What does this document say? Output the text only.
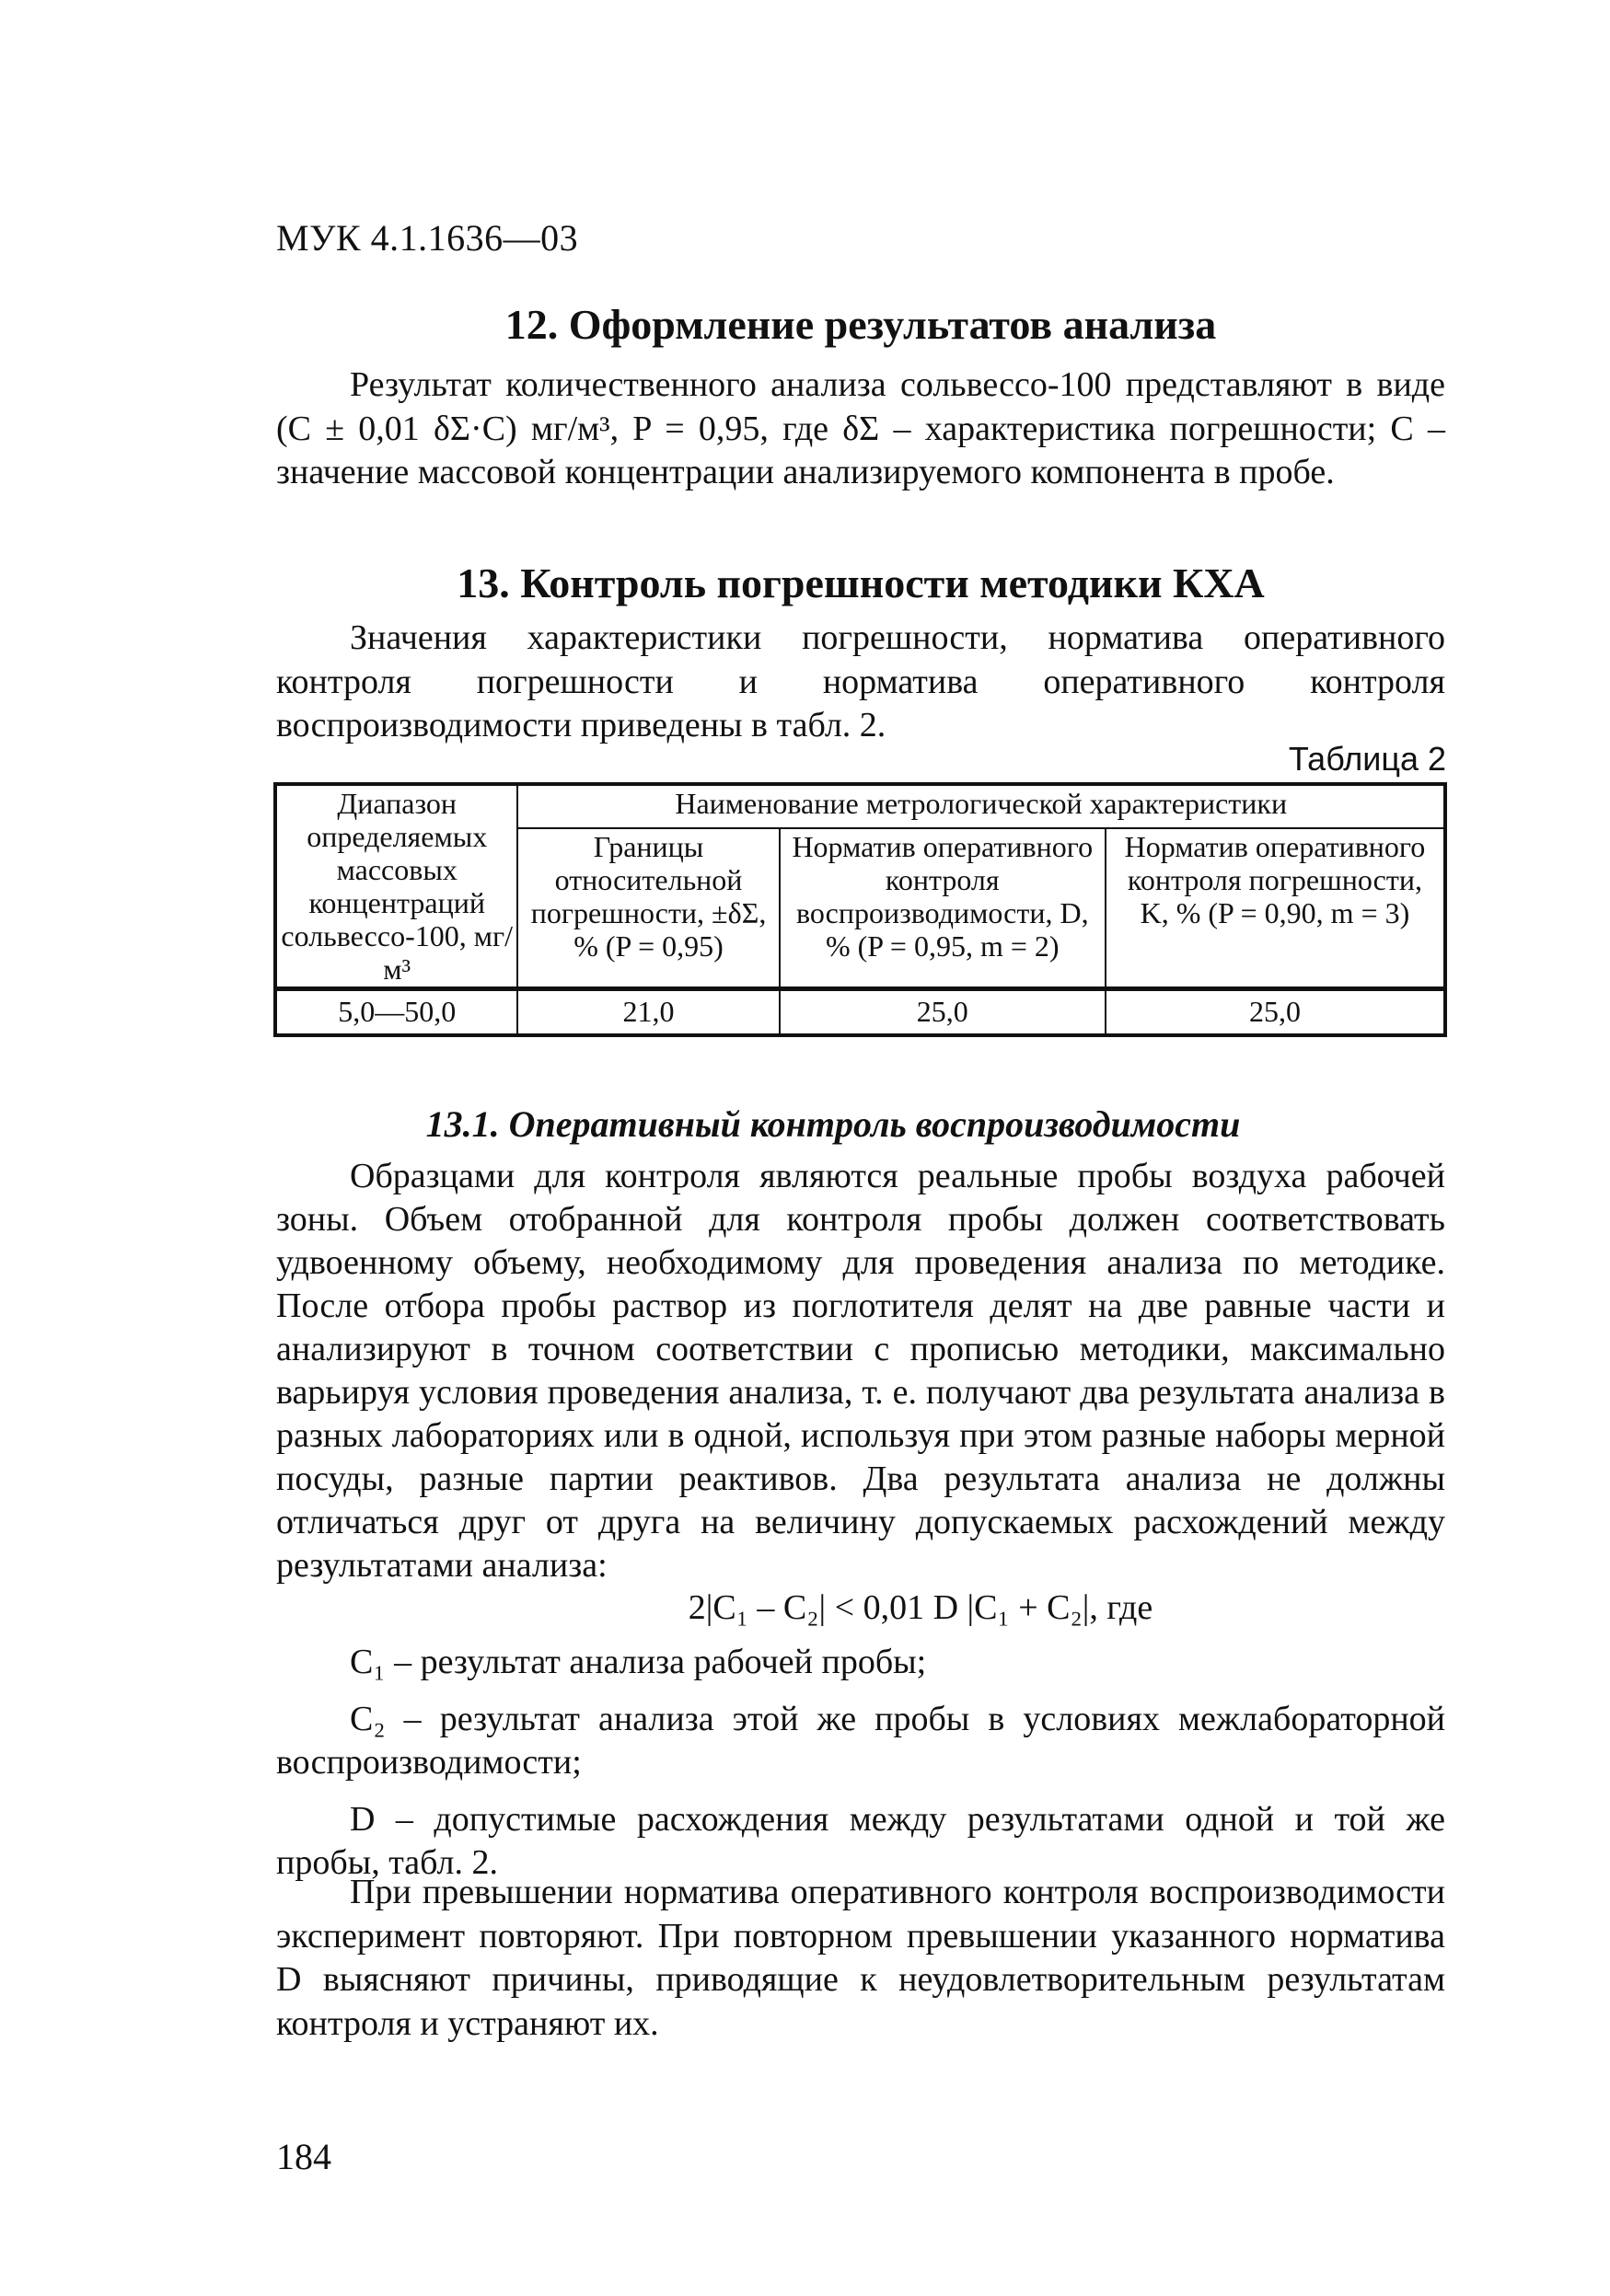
МУК 4.1.1636—03
12. Оформление результатов анализа

Результат количественного анализа сольвессо-100 представляют в виде (C ± 0,01 δΣ·C) мг/м³, P = 0,95, где δΣ – характеристика погрешности; C – значение массовой концентрации анализируемого компонента в пробе.

13. Контроль погрешности методики КХА

Значения характеристики погрешности, норматива оперативного контроля погрешности и норматива оперативного контроля воспроизводимости приведены в табл. 2.

Таблица 2
Диапазон определяемых массовых концентраций сольвессо-100, мг/м³	Наименование метрологической характеристики		
	Границы относительной погрешности, ±δΣ, % (P = 0,95)	Норматив оперативного контроля воспроизводимости, D, % (P = 0,95, m = 2)	Норматив оперативного контроля погрешности, K, % (P = 0,90, m = 3)
5,0—50,0	21,0	25,0	25,0
13.1. Оперативный контроль воспроизводимости

Образцами для контроля являются реальные пробы воздуха рабочей зоны. Объем отобранной для контроля пробы должен соответствовать удвоенному объему, необходимому для проведения анализа по методике. После отбора пробы раствор из поглотителя делят на две равные части и анализируют в точном соответствии с прописью методики, максимально варьируя условия проведения анализа, т. е. получают два результата анализа в разных лабораториях или в одной, используя при этом разные наборы мерной посуды, разные партии реактивов. Два результата анализа не должны отличаться друг от друга на величину допускаемых расхождений между результатами анализа:

2|C₁ – C₂| < 0,01 D |C₁ + C₂|, где

C₁ – результат анализа рабочей пробы;

C₂ – результат анализа этой же пробы в условиях межлабораторной воспроизводимости;

D – допустимые расхождения между результатами одной и той же пробы, табл. 2.

При превышении норматива оперативного контроля воспроизводимости эксперимент повторяют. При повторном превышении указанного норматива D выясняют причины, приводящие к неудовлетворительным результатам контроля и устраняют их.

184
